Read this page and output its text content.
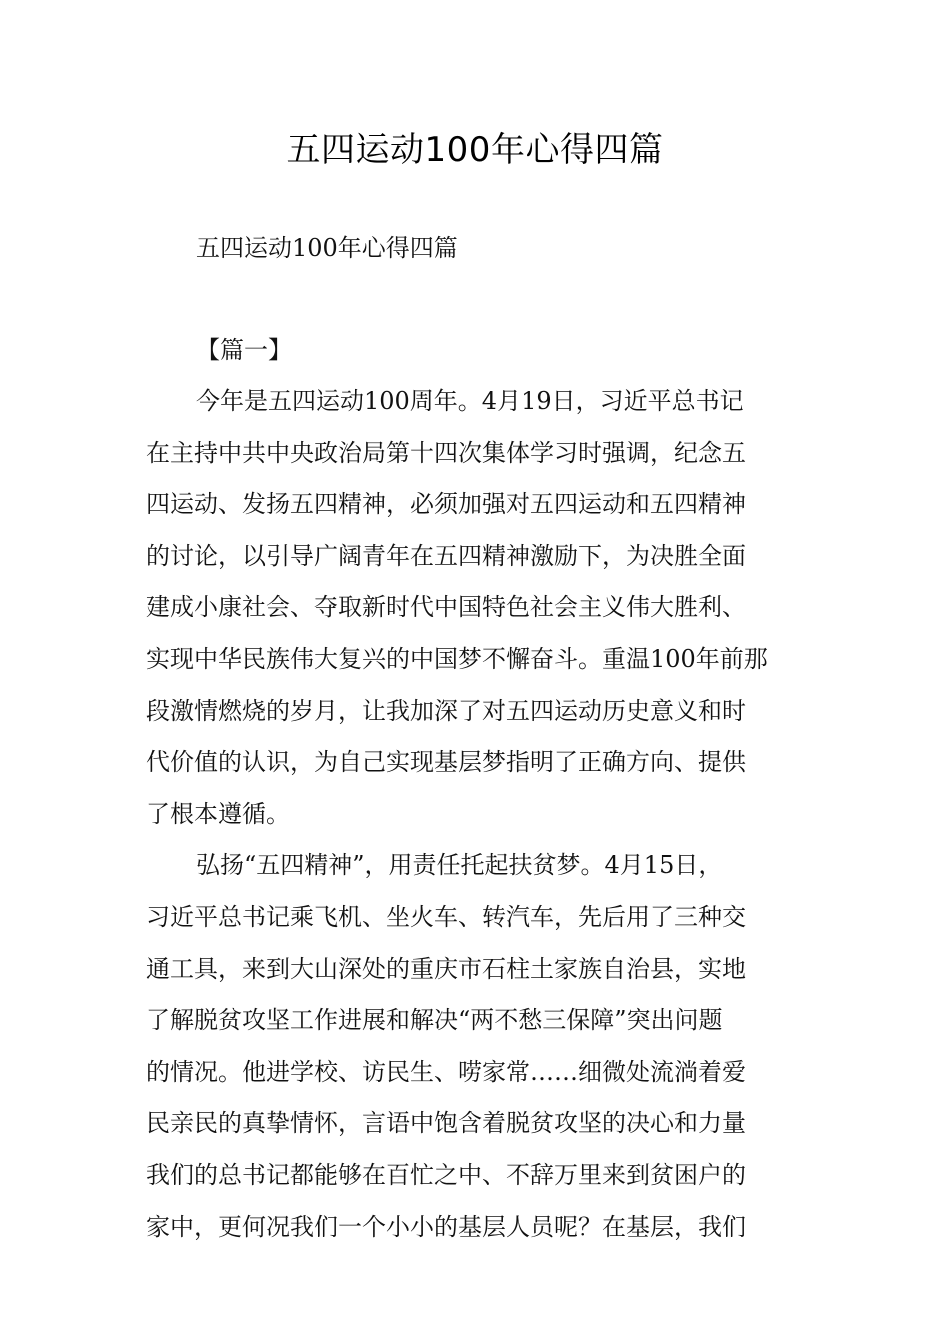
五四运动100年心得四篇
五四运动100年心得四篇
【篇一】
今年是五四运动100周年。4月19日，习近平总书记
在主持中共中央政治局第十四次集体学习时强调，纪念五
四运动、发扬五四精神，必须加强对五四运动和五四精神
的讨论，以引导广阔青年在五四精神激励下，为决胜全面
建成小康社会、夺取新时代中国特色社会主义伟大胜利、
实现中华民族伟大复兴的中国梦不懈奋斗。重温100年前那
段激情燃烧的岁月，让我加深了对五四运动历史意义和时
代价值的认识，为自己实现基层梦指明了正确方向、提供
了根本遵循。
弘扬“五四精神”，用责任托起扶贫梦。4月15日，
习近平总书记乘飞机、坐火车、转汽车，先后用了三种交
通工具，来到大山深处的重庆市石柱土家族自治县，实地
了解脱贫攻坚工作进展和解决“两不愁三保障”突出问题
的情况。他进学校、访民生、唠家常……细微处流淌着爱
民亲民的真挚情怀，言语中饱含着脱贫攻坚的决心和力量
我们的总书记都能够在百忙之中、不辞万里来到贫困户的
家中，更何况我们一个小小的基层人员呢？在基层，我们
